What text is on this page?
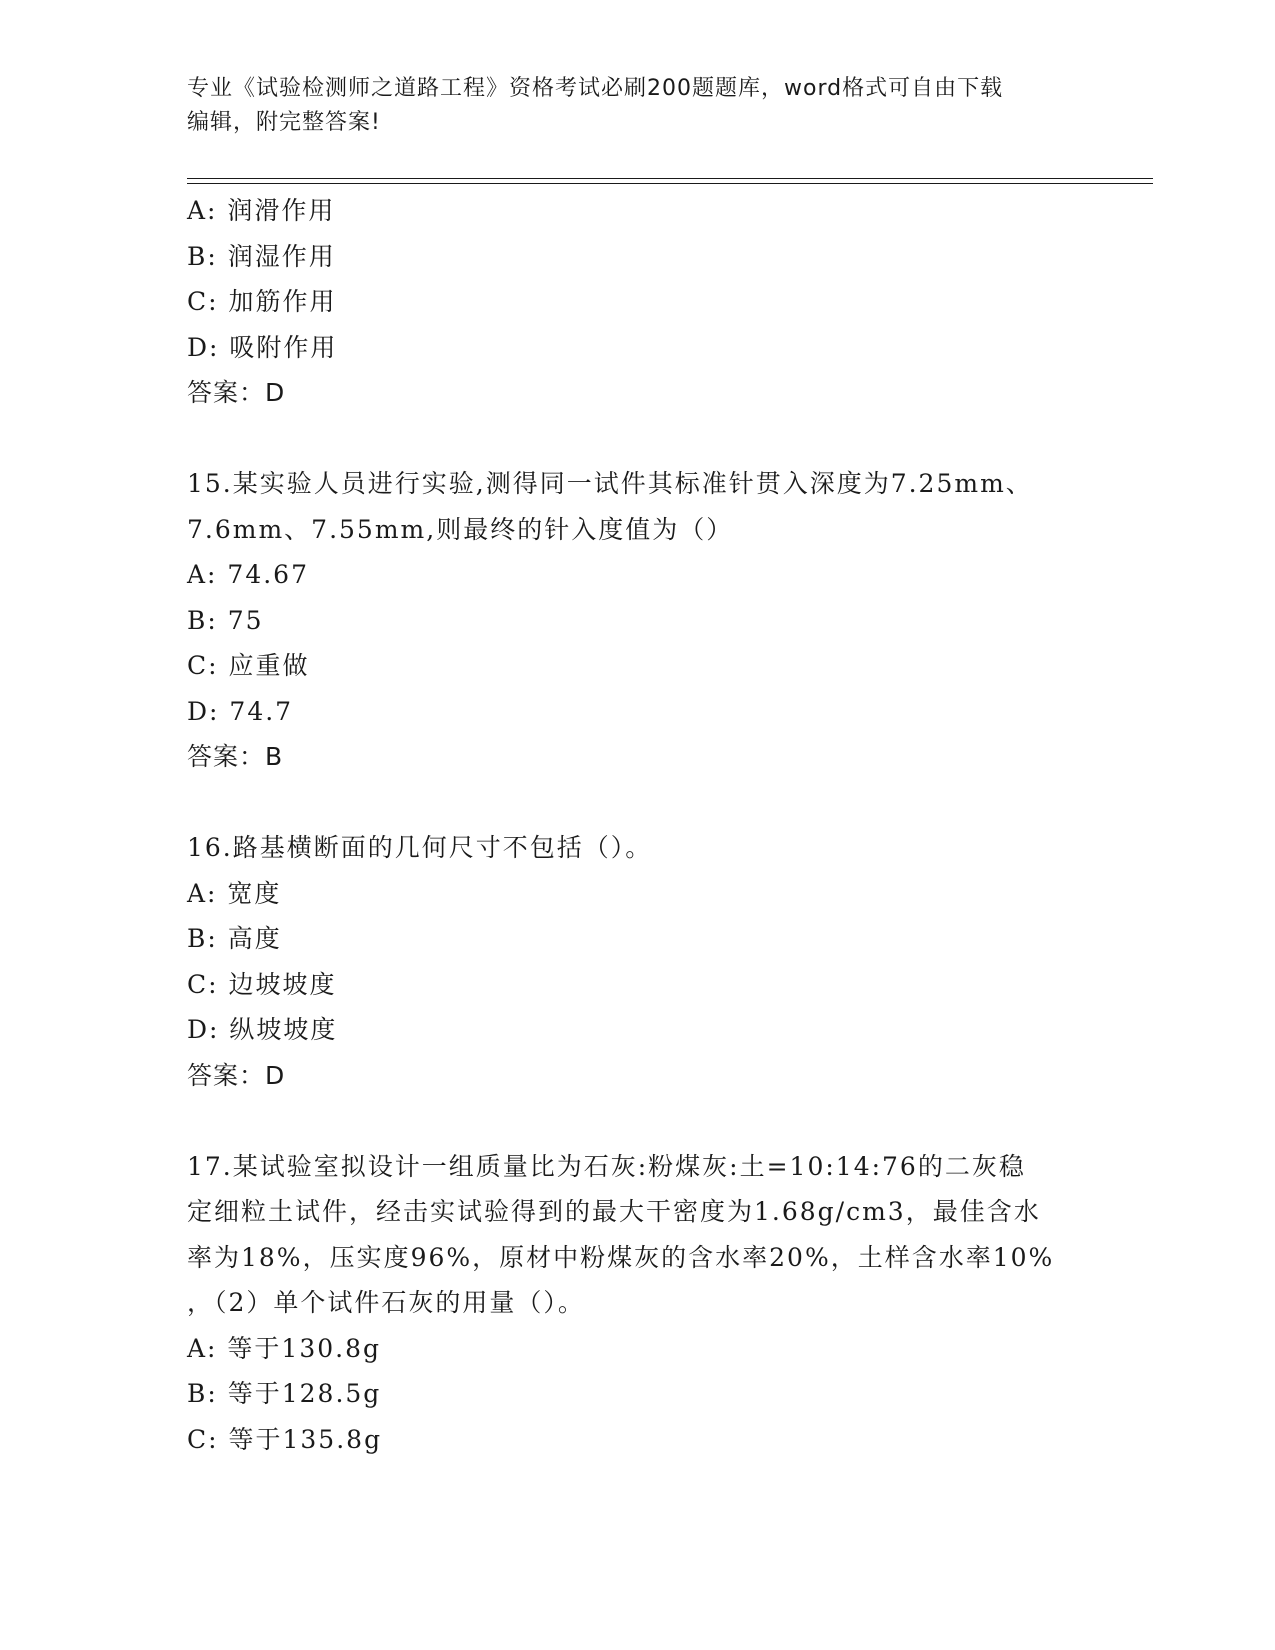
专业《试验检测师之道路工程》资格考试必刷200题题库，word格式可自由下载
编辑，附完整答案!
A: 润滑作用
B: 润湿作用
C: 加筋作用
D: 吸附作用
答案：D
15.某实验人员进行实验,测得同一试件其标准针贯入深度为7.25mm、
7.6mm、7.55mm,则最终的针入度值为（）
A: 74.67
B: 75
C: 应重做
D: 74.7
答案：B
16.路基横断面的几何尺寸不包括（）。
A: 宽度
B: 高度
C: 边坡坡度
D: 纵坡坡度
答案：D
17.某试验室拟设计一组质量比为石灰:粉煤灰:土=10:14:76的二灰稳
定细粒土试件，经击实试验得到的最大干密度为1.68g/cm3，最佳含水
率为18%，压实度96%，原材中粉煤灰的含水率20%，土样含水率10%
，（2）单个试件石灰的用量（）。
A: 等于130.8g
B: 等于128.5g
C: 等于135.8g
